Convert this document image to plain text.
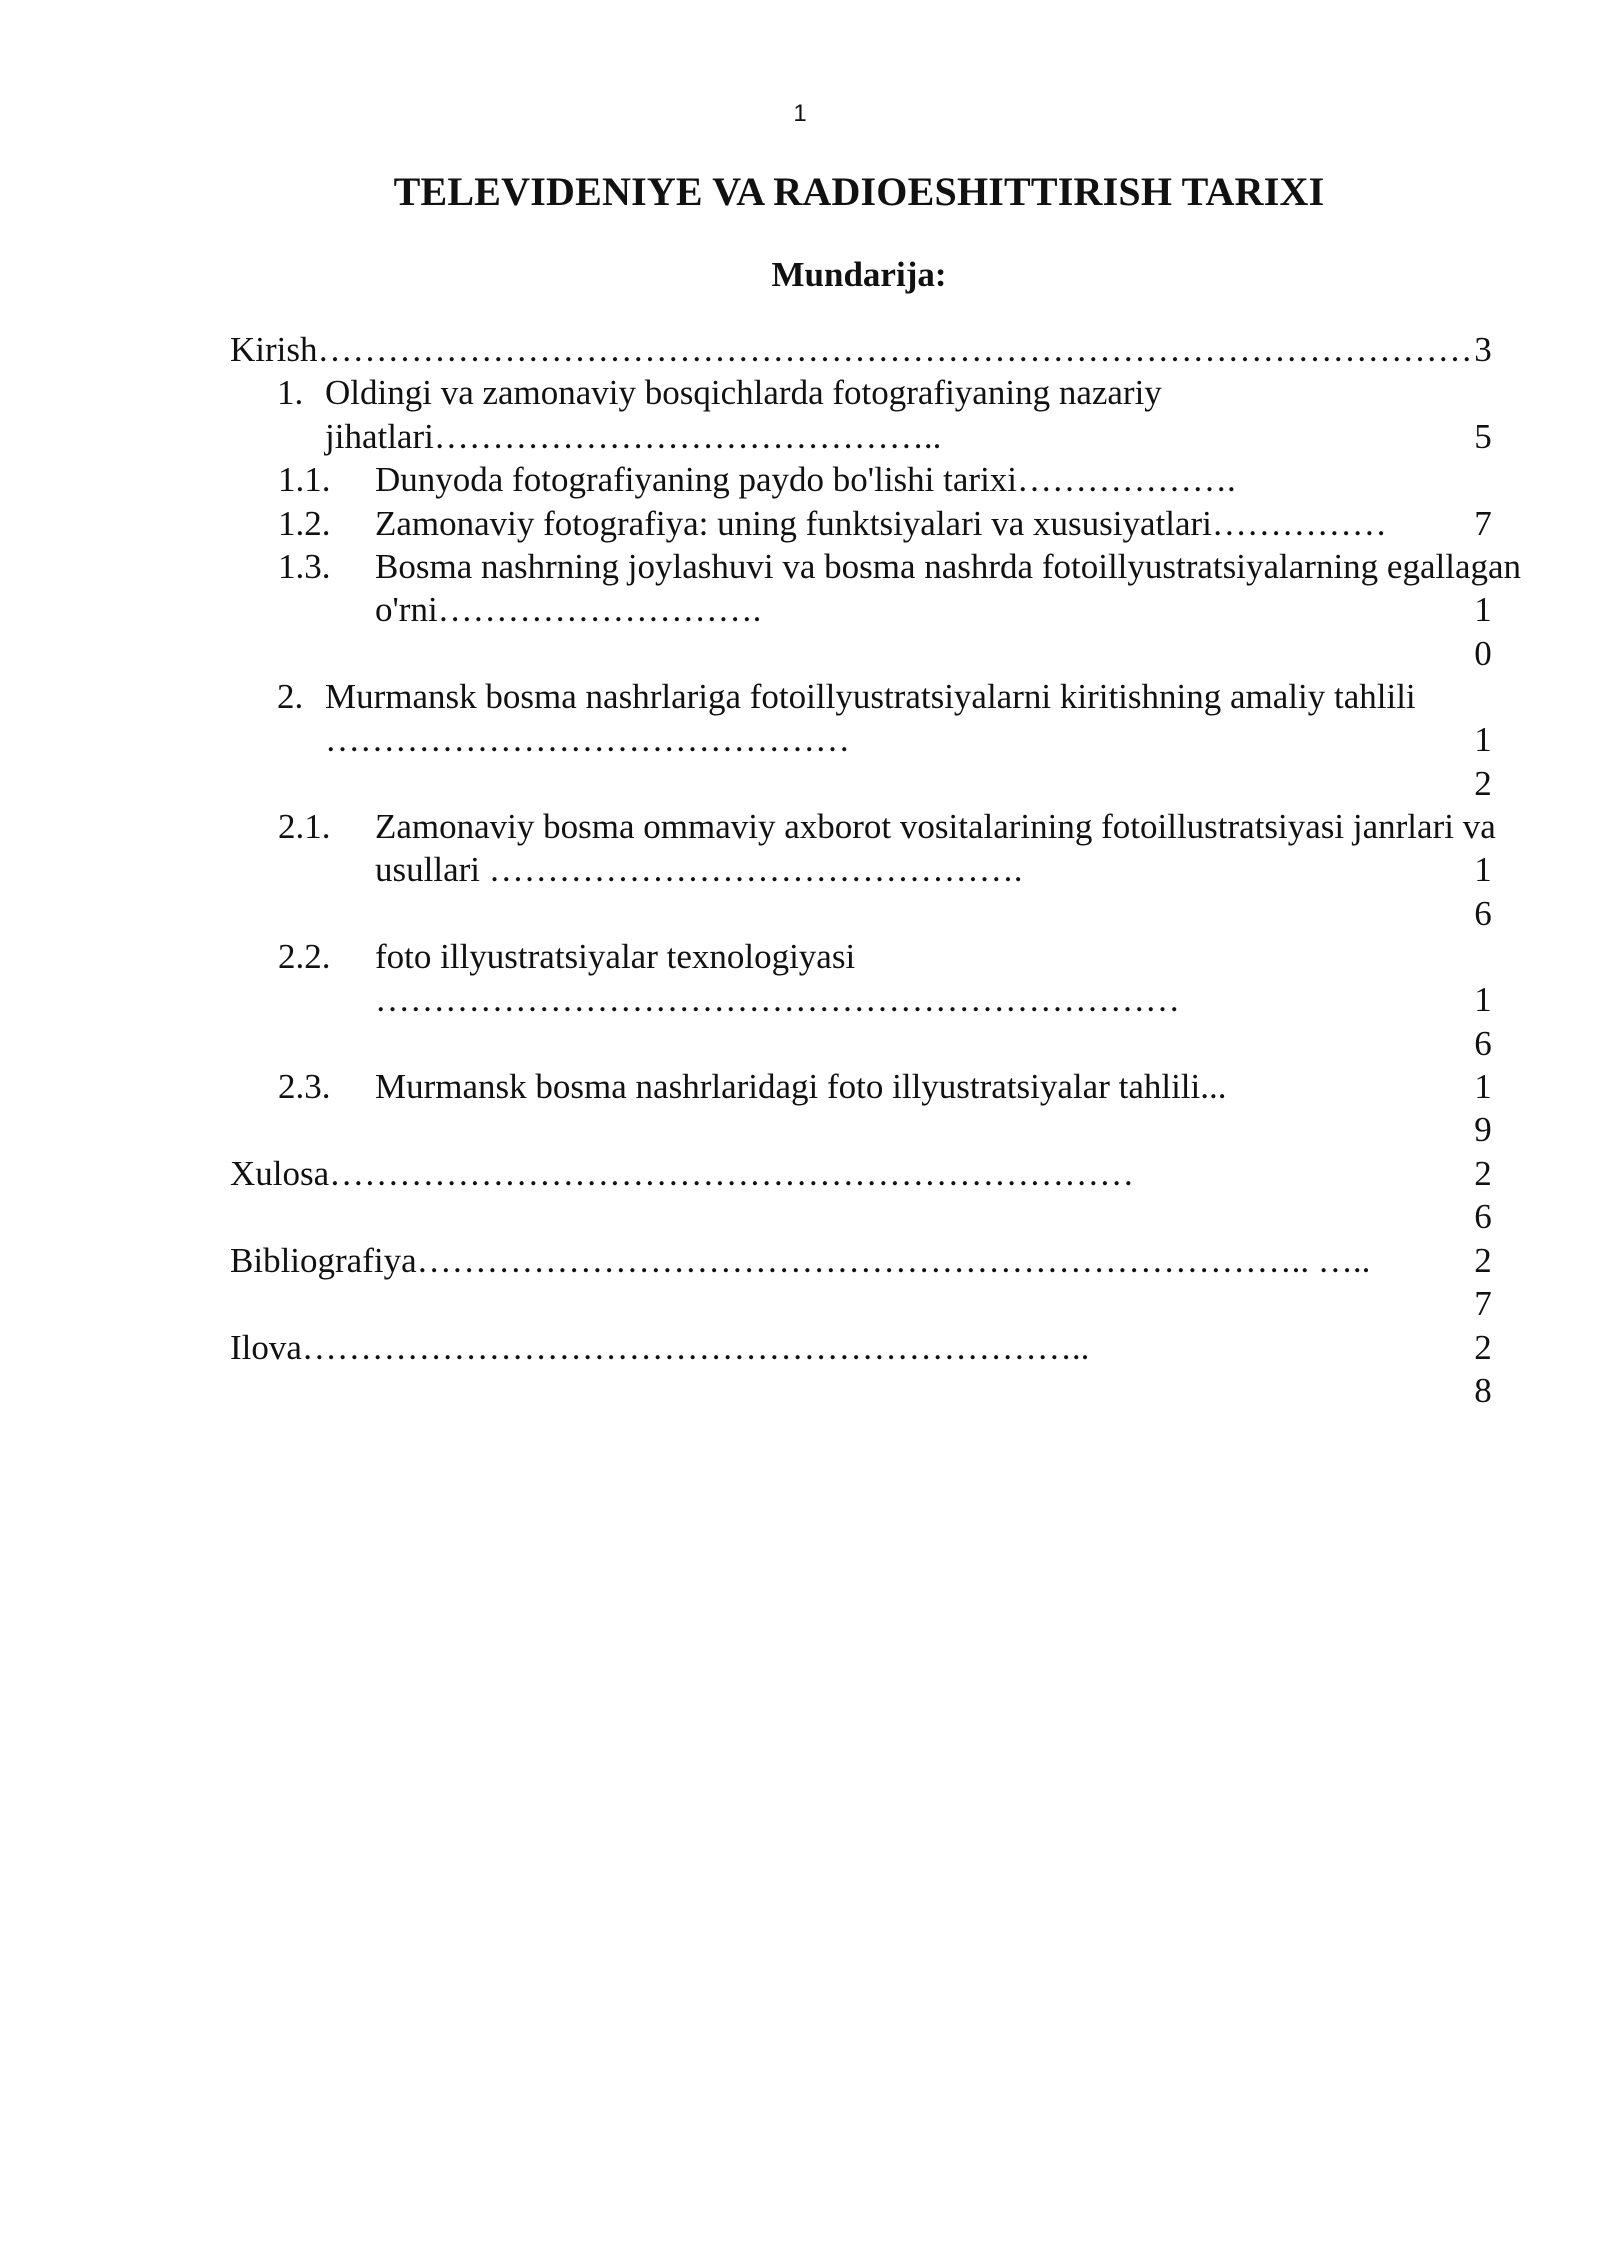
1
TELEVIDENIYE VA RADIOESHITTIRISH TARIXI
Mundarija:
Kirish……………………………………………………………………………………… 3
1. Oldingi va zamonaviy bosqichlarda fotografiyaning nazariy jihatlari……………………………………..	5
1.1. Dunyoda fotografiyaning paydo bo'lishi tarixi……………….
1.2. Zamonaviy fotografiya: uning funktsiyalari va xususiyatlari……………	7
1.3. Bosma nashrning joylashuvi va bosma nashrda fotoillyustratsiyalarning egallagan o'rni……………………….	10
2. Murmansk bosma nashrlariga fotoillyustratsiyalarni kiritishning amaliy tahlili ………………………………………	12
2.1. Zamonaviy bosma ommaviy axborot vositalarining fotoillustratsiyasi janrlari va usullari ……………………………………….	16
2.2. foto illyustratsiyalar texnologiyasi ……………………………………………………………	16
2.3. Murmansk bosma nashrlaridagi foto illyustratsiyalar tahlili...	19
Xulosa……………………………………………………………	26
Bibliografiya………………………………………………………………….. …..	27
Ilova…………………………………………………………..	28
